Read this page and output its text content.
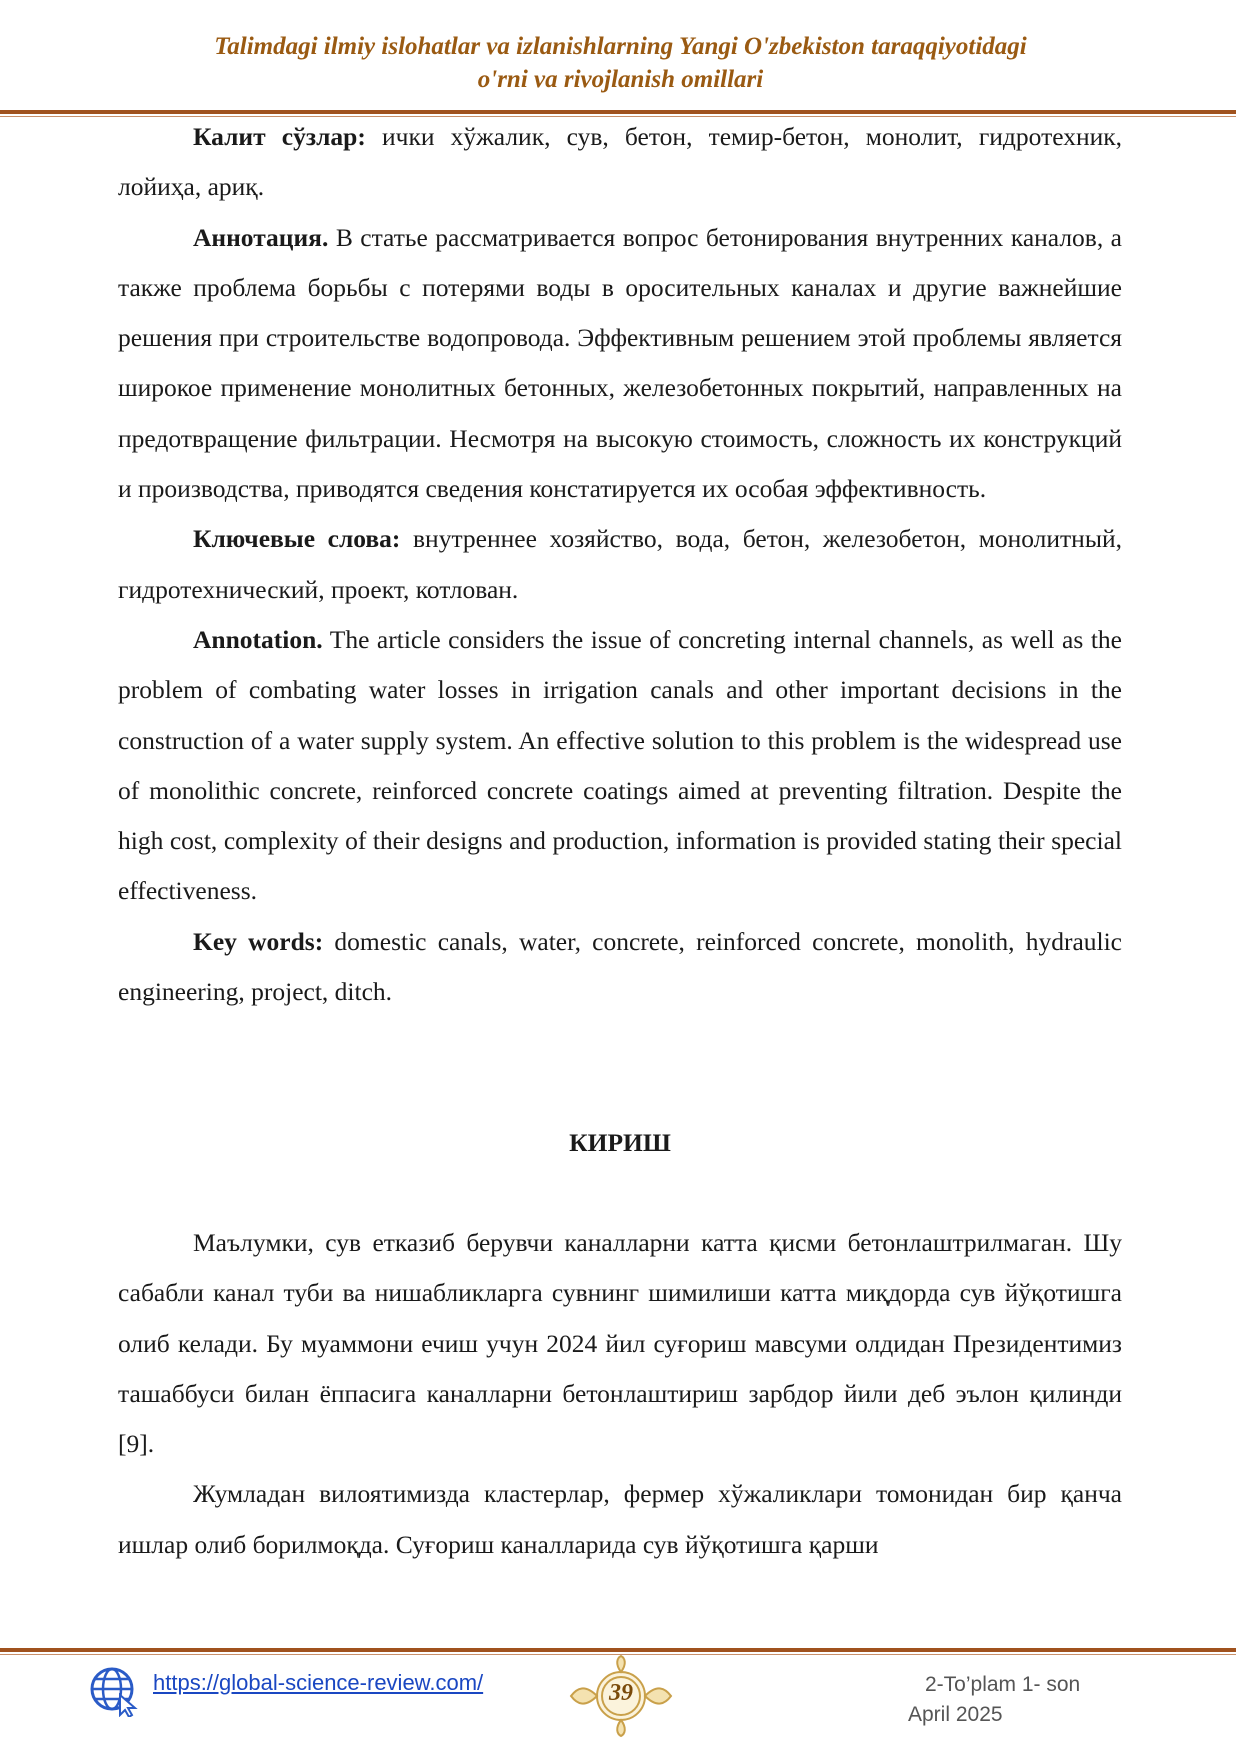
Talimdagi ilmiy islohatlar va izlanishlarning Yangi O'zbekiston taraqqiyotidagi
o'rni va rivojlanish omillari

Калит сўзлар: ички хўжалик, сув, бетон, темир-бетон, монолит, гидротехник, лойиҳа, ариқ.

Аннотация. В статье рассматривается вопрос бетонирования внутренних каналов, а также проблема борьбы с потерями воды в оросительных каналах и другие важнейшие решения при строительстве водопровода. Эффективным решением этой проблемы является широкое применение монолитных бетонных, железобетонных покрытий, направленных на предотвращение фильтрации. Несмотря на высокую стоимость, сложность их конструкций и производства, приводятся сведения констатируется их особая эффективность.

Ключевые слова: внутреннее хозяйство, вода, бетон, железобетон, монолитный, гидротехнический, проект, котлован.

Annotation. The article considers the issue of concreting internal channels, as well as the problem of combating water losses in irrigation canals and other important decisions in the construction of a water supply system. An effective solution to this problem is the widespread use of monolithic concrete, reinforced concrete coatings aimed at preventing filtration. Despite the high cost, complexity of their designs and production, information is provided stating their special effectiveness.

Key words: domestic canals, water, concrete, reinforced concrete, monolith, hydraulic engineering, project, ditch.

КИРИШ

Маълумки, сув етказиб берувчи каналларни катта қисми бетонлаштрилмаган. Шу сабабли канал туби ва нишабликларга сувнинг шимилиши катта миқдорда сув йўқотишга олиб келади. Бу муаммони ечиш учун 2024 йил суғориш мавсуми олдидан Президентимиз ташаббуси билан ёппасига каналларни бетонлаштириш зарбдор йили деб эълон қилинди [9].

Жумладан вилоятимизда кластерлар, фермер хўжаликлари томонидан бир қанча ишлар олиб борилмоқда. Суғориш каналларида сув йўқотишга қарши

https://global-science-review.com/	39	2-To’plam 1- son
April 2025
